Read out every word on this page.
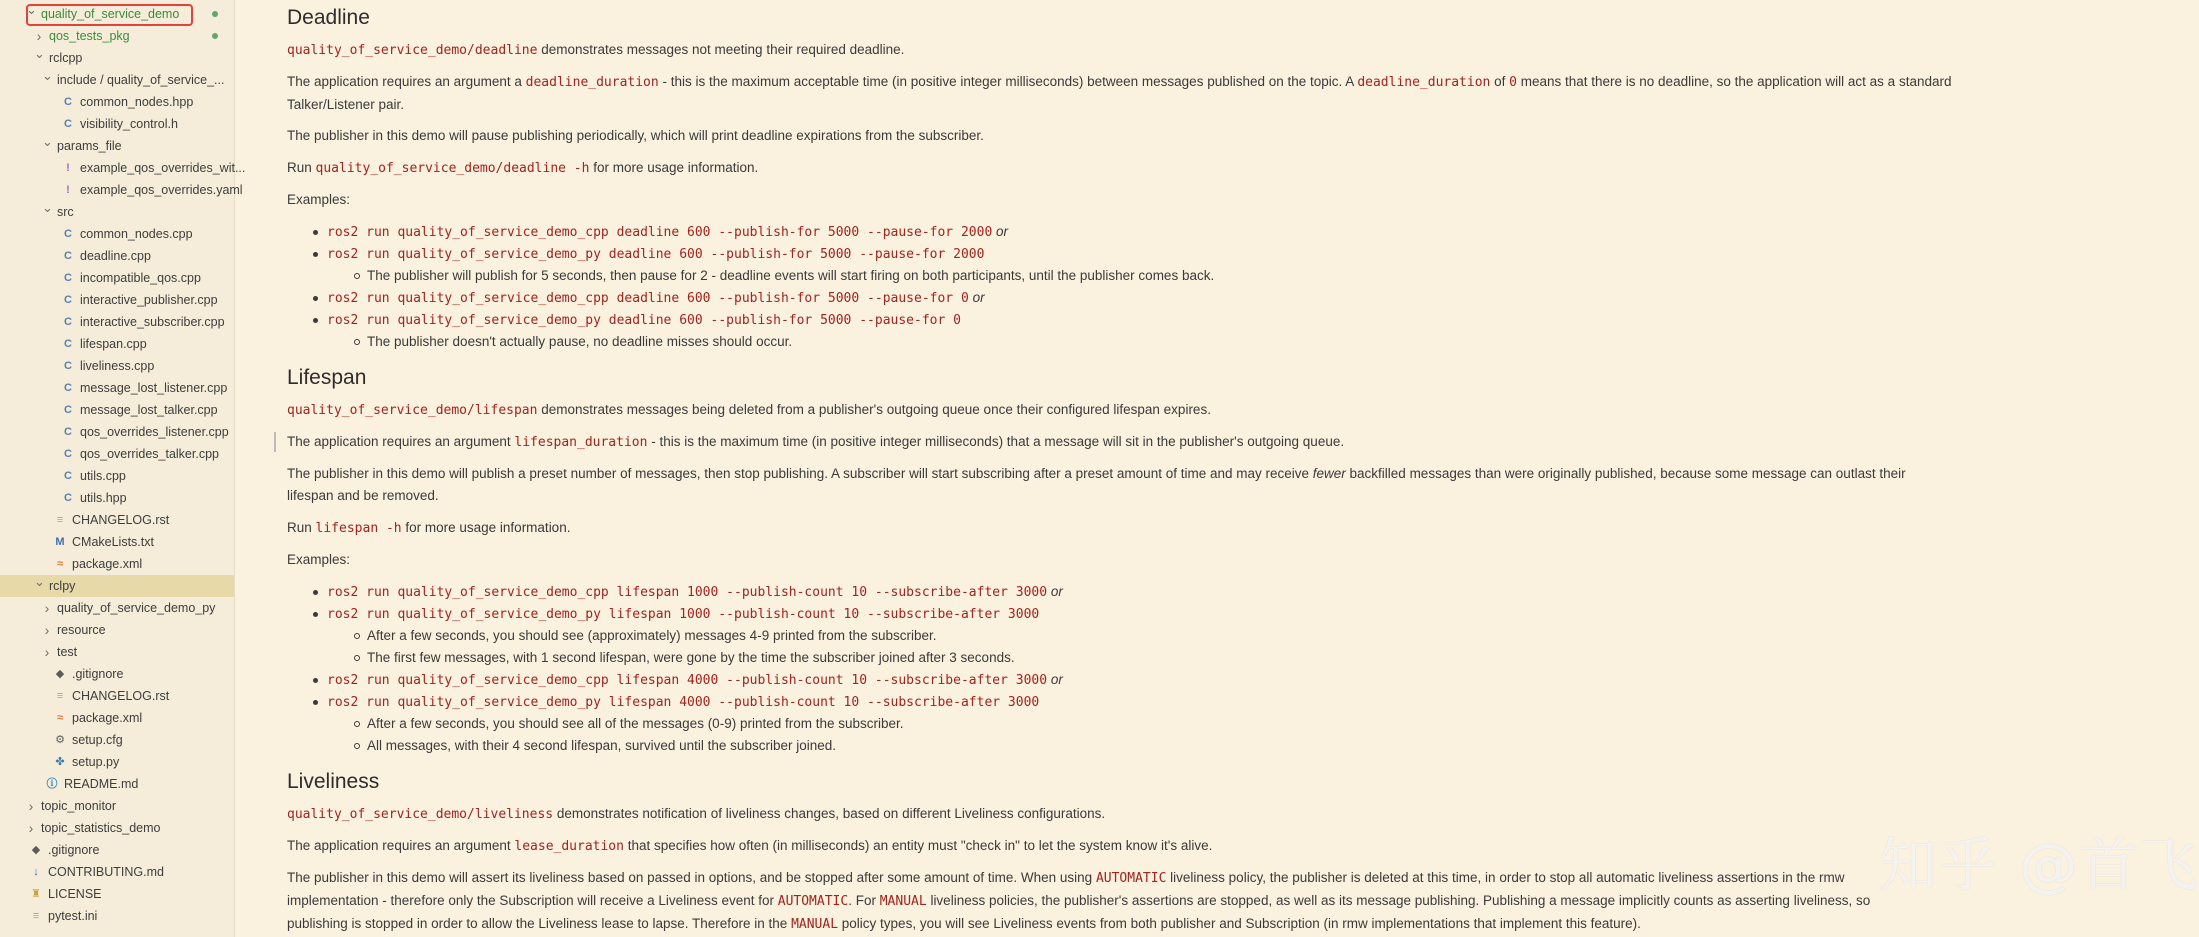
⌄ quality_of_service_demo
› qos_tests_pkg
⌄ rclcpp
⌄ include / quality_of_service_...
C common_nodes.hpp
C visibility_control.h
⌄ params_file
! example_qos_overrides_wit...
! example_qos_overrides.yaml
⌄ src
C common_nodes.cpp
C deadline.cpp
C incompatible_qos.cpp
C interactive_publisher.cpp
C interactive_subscriber.cpp
C lifespan.cpp
C liveliness.cpp
C message_lost_listener.cpp
C message_lost_talker.cpp
C qos_overrides_listener.cpp
C qos_overrides_talker.cpp
C utils.cpp
C utils.hpp
≡ CHANGELOG.rst
M CMakeLists.txt
≈ package.xml
⌄ rclpy
› quality_of_service_demo_py
› resource
› test
◆ .gitignore
≡ CHANGELOG.rst
≈ package.xml
⚙ setup.cfg
✤ setup.py
ⓘ README.md
› topic_monitor
› topic_statistics_demo
◆ .gitignore
↓ CONTRIBUTING.md
♜ LICENSE
≡ pytest.ini
Deadline
quality_of_service_demo/deadline demonstrates messages not meeting their required deadline.
The application requires an argument a deadline_duration - this is the maximum acceptable time (in positive integer milliseconds) between messages published on the topic. A deadline_duration of 0 means that there is no deadline, so the application will act as a standard Talker/Listener pair.
The publisher in this demo will pause publishing periodically, which will print deadline expirations from the subscriber.
Run quality_of_service_demo/deadline -h for more usage information.
Examples:
ros2 run quality_of_service_demo_cpp deadline 600 --publish-for 5000 --pause-for 2000 or
ros2 run quality_of_service_demo_py deadline 600 --publish-for 5000 --pause-for 2000
The publisher will publish for 5 seconds, then pause for 2 - deadline events will start firing on both participants, until the publisher comes back.
ros2 run quality_of_service_demo_cpp deadline 600 --publish-for 5000 --pause-for 0 or
ros2 run quality_of_service_demo_py deadline 600 --publish-for 5000 --pause-for 0
The publisher doesn't actually pause, no deadline misses should occur.
Lifespan
quality_of_service_demo/lifespan demonstrates messages being deleted from a publisher's outgoing queue once their configured lifespan expires.
The application requires an argument lifespan_duration - this is the maximum time (in positive integer milliseconds) that a message will sit in the publisher's outgoing queue.
The publisher in this demo will publish a preset number of messages, then stop publishing. A subscriber will start subscribing after a preset amount of time and may receive fewer backfilled messages than were originally published, because some message can outlast their
lifespan and be removed.
Run lifespan -h for more usage information.
Examples:
ros2 run quality_of_service_demo_cpp lifespan 1000 --publish-count 10 --subscribe-after 3000 or
ros2 run quality_of_service_demo_py lifespan 1000 --publish-count 10 --subscribe-after 3000
After a few seconds, you should see (approximately) messages 4-9 printed from the subscriber.
The first few messages, with 1 second lifespan, were gone by the time the subscriber joined after 3 seconds.
ros2 run quality_of_service_demo_cpp lifespan 4000 --publish-count 10 --subscribe-after 3000 or
ros2 run quality_of_service_demo_py lifespan 4000 --publish-count 10 --subscribe-after 3000
After a few seconds, you should see all of the messages (0-9) printed from the subscriber.
All messages, with their 4 second lifespan, survived until the subscriber joined.
Liveliness
quality_of_service_demo/liveliness demonstrates notification of liveliness changes, based on different Liveliness configurations.
The application requires an argument lease_duration that specifies how often (in milliseconds) an entity must "check in" to let the system know it's alive.
The publisher in this demo will assert its liveliness based on passed in options, and be stopped after some amount of time. When using AUTOMATIC liveliness policy, the publisher is deleted at this time, in order to stop all automatic liveliness assertions in the rmw
implementation - therefore only the Subscription will receive a Liveliness event for AUTOMATIC. For MANUAL liveliness policies, the publisher's assertions are stopped, as well as its message publishing. Publishing a message implicitly counts as asserting liveliness, so
publishing is stopped in order to allow the Liveliness lease to lapse. Therefore in the MANUAL policy types, you will see Liveliness events from both publisher and Subscription (in rmw implementations that implement this feature).
知乎 @首飞
